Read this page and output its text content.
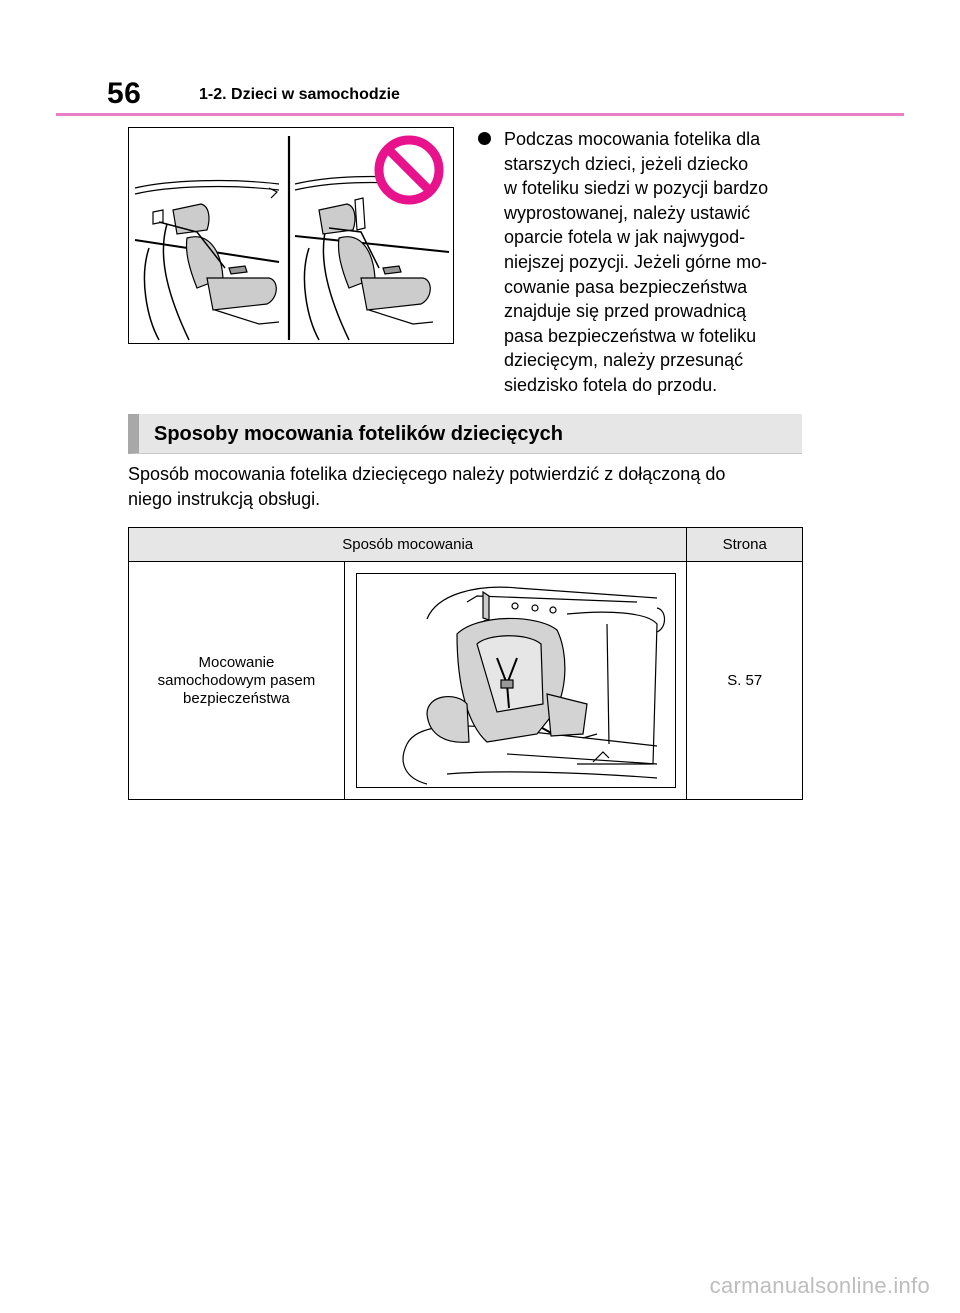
56	1-2. Dzieci w samochodzie
Podczas mocowania fotelika dla
starszych dzieci, jeżeli dziecko
w foteliku siedzi w pozycji bardzo
wyprostowanej, należy ustawić
oparcie fotela w jak najwygod-
niejszej pozycji. Jeżeli górne mo-
cowanie pasa bezpieczeństwa
znajduje się przed prowadnicą
pasa bezpieczeństwa w foteliku
dziecięcym, należy przesunąć
siedzisko fotela do przodu.
Sposoby mocowania fotelików dziecięcych
Sposób mocowania fotelika dziecięcego należy potwierdzić z dołączoną do
niego instrukcją obsługi.
Sposób mocowania		Strona

Mocowanie
samochodowym pasem
bezpieczeństwa		S. 57
carmanualsonline.info
